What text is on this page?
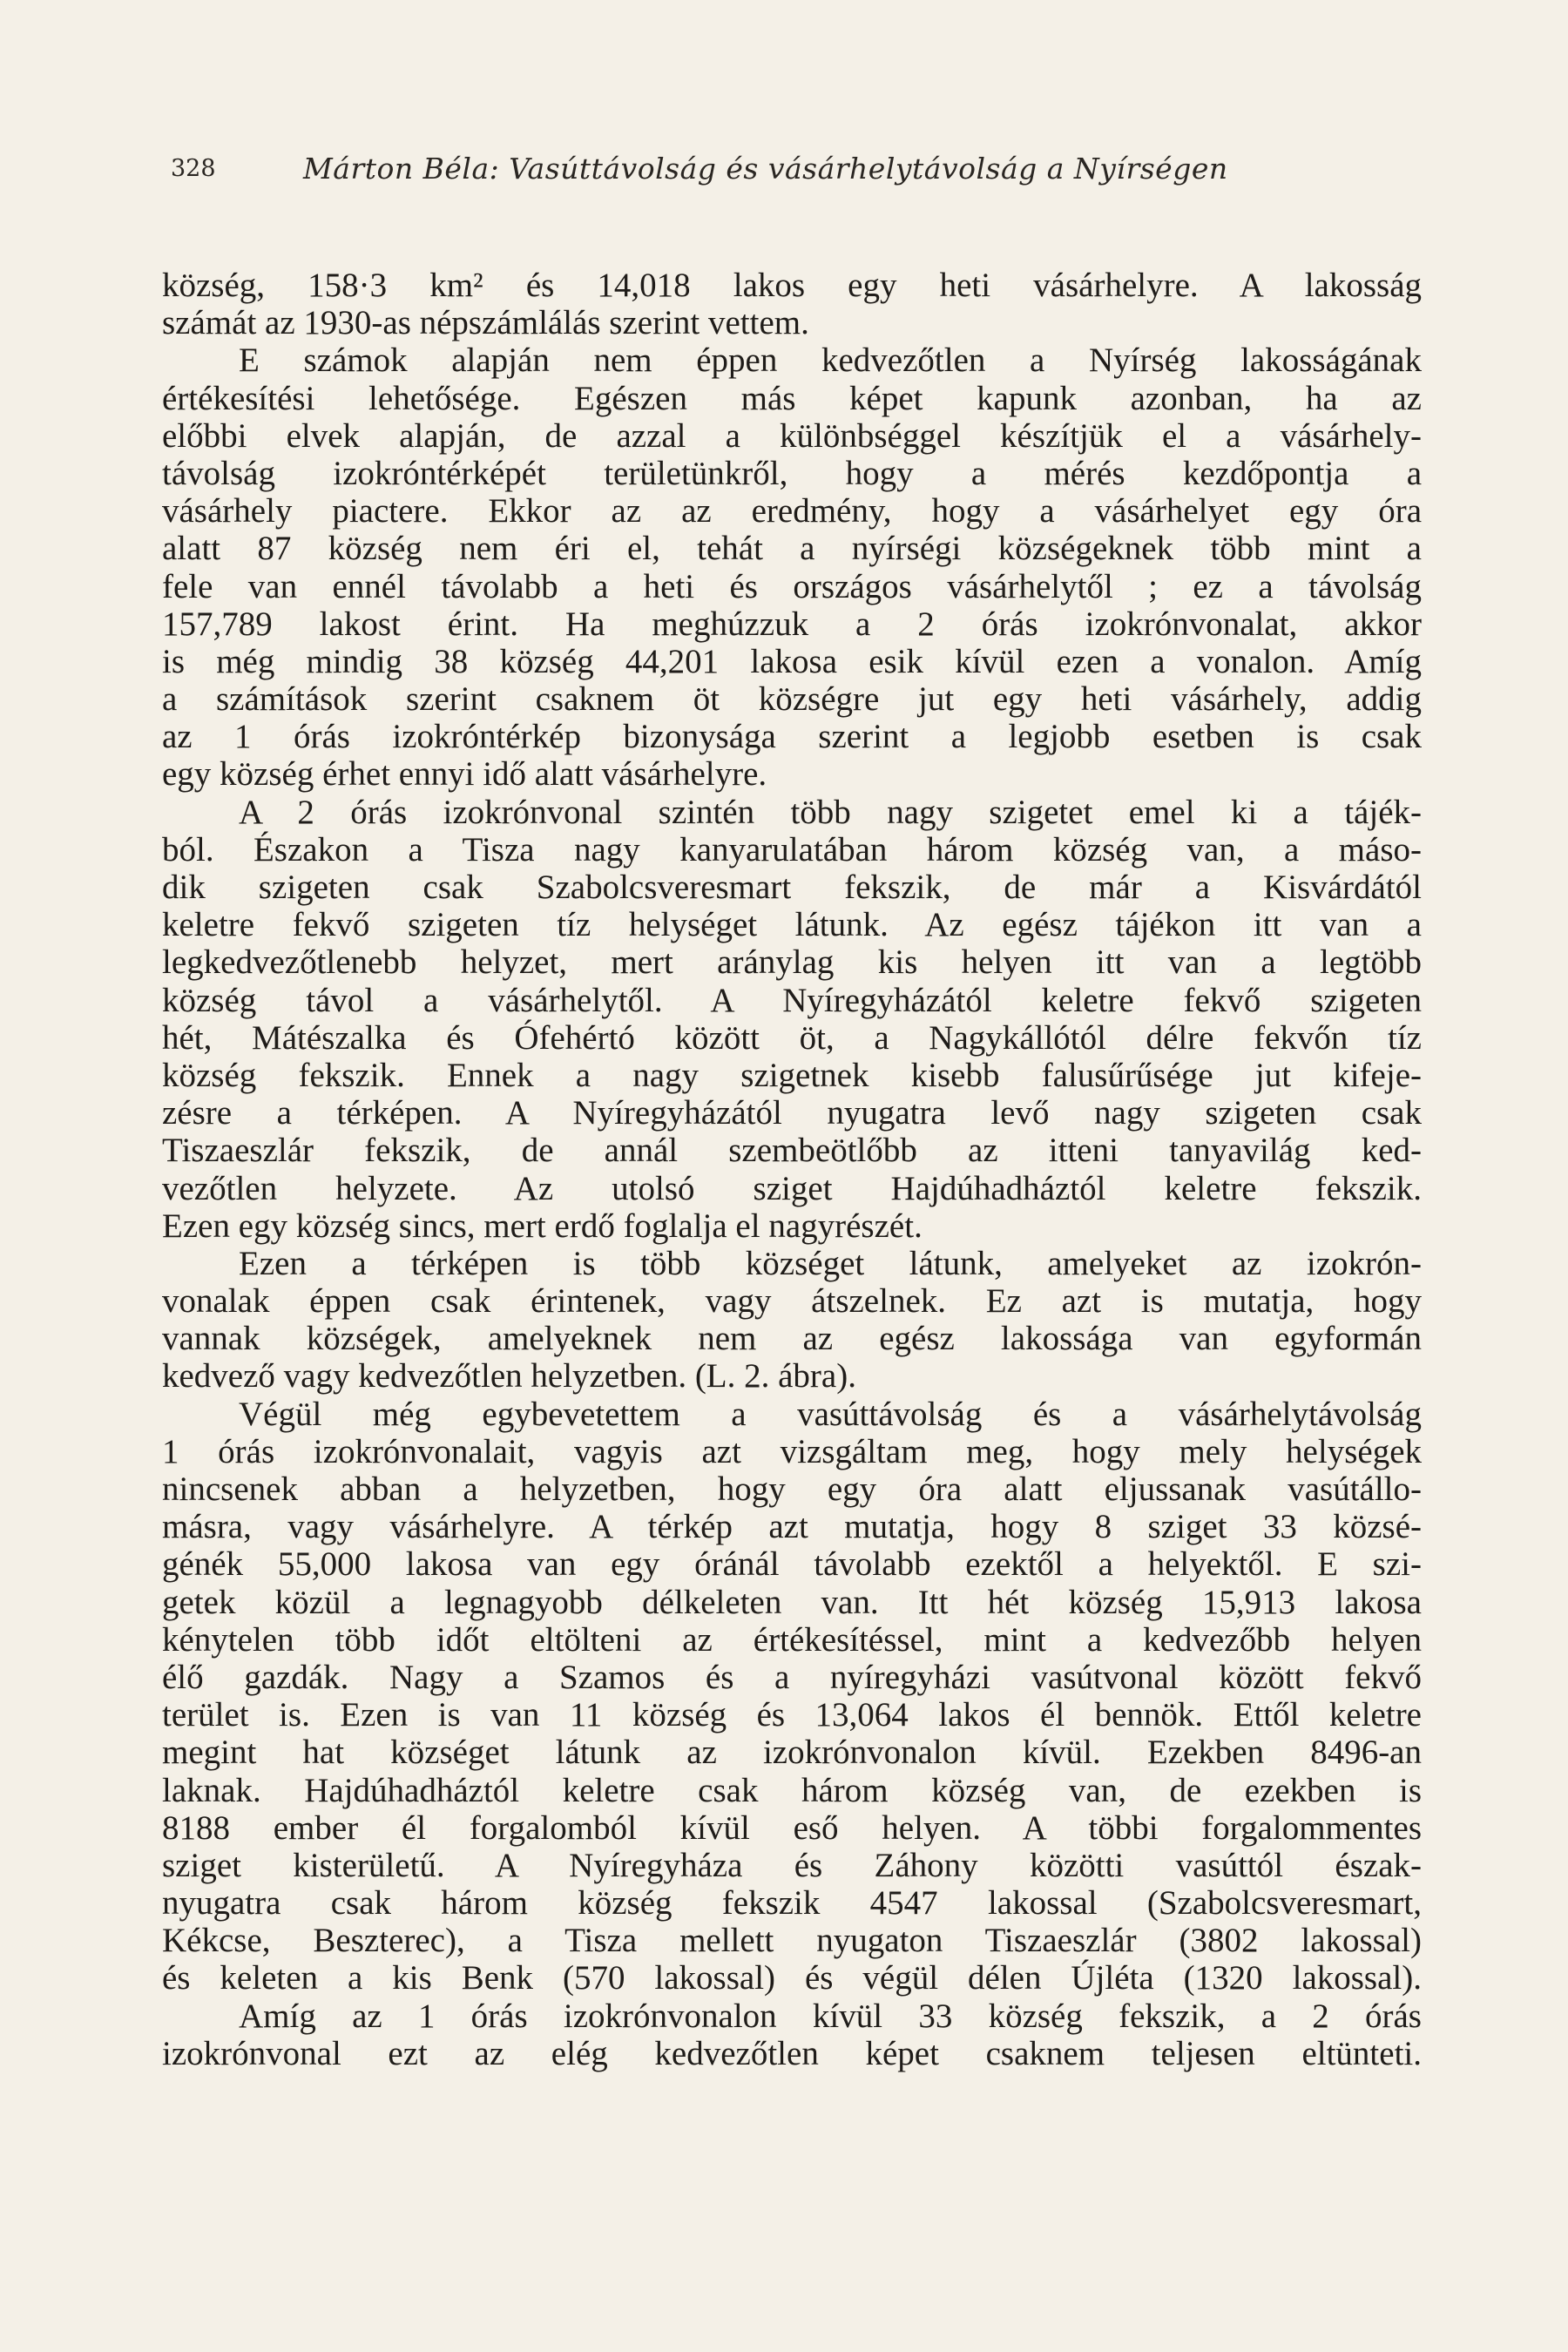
328	Márton Béla: Vasúttávolság és vásárhelytávolság a Nyírségen
község, 158·3 km² és 14,018 lakos egy heti vásárhelyre. A lakosság
számát az 1930-as népszámlálás szerint vettem.
E számok alapján nem éppen kedvezőtlen a Nyírség lakosságának
értékesítési lehetősége. Egészen más képet kapunk azonban, ha az
előbbi elvek alapján, de azzal a különbséggel készítjük el a vásárhely-
távolság izokróntérképét területünkről, hogy a mérés kezdőpontja a
vásárhely piactere. Ekkor az az eredmény, hogy a vásárhelyet egy óra
alatt 87 község nem éri el, tehát a nyírségi községeknek több mint a
fele van ennél távolabb a heti és országos vásárhelytől ; ez a távolság
157,789 lakost érint. Ha meghúzzuk a 2 órás izokrónvonalat, akkor
is még mindig 38 község 44,201 lakosa esik kívül ezen a vonalon. Amíg
a számítások szerint csaknem öt községre jut egy heti vásárhely, addig
az 1 órás izokróntérkép bizonysága szerint a legjobb esetben is csak
egy község érhet ennyi idő alatt vásárhelyre.
A 2 órás izokrónvonal szintén több nagy szigetet emel ki a tájék-
ból. Északon a Tisza nagy kanyarulatában három község van, a máso-
dik szigeten csak Szabolcsveresmart fekszik, de már a Kisvárdától
keletre fekvő szigeten tíz helységet látunk. Az egész tájékon itt van a
legkedvezőtlenebb helyzet, mert aránylag kis helyen itt van a legtöbb
község távol a vásárhelytől. A Nyíregyházától keletre fekvő szigeten
hét, Mátészalka és Ófehértó között öt, a Nagykállótól délre fekvőn tíz
község fekszik. Ennek a nagy szigetnek kisebb falusűrűsége jut kifeje-
zésre a térképen. A Nyíregyházától nyugatra levő nagy szigeten csak
Tiszaeszlár fekszik, de annál szembeötlőbb az itteni tanyavilág ked-
vezőtlen helyzete. Az utolsó sziget Hajdúhadháztól keletre fekszik.
Ezen egy község sincs, mert erdő foglalja el nagyrészét.
Ezen a térképen is több községet látunk, amelyeket az izokrón-
vonalak éppen csak érintenek, vagy átszelnek. Ez azt is mutatja, hogy
vannak községek, amelyeknek nem az egész lakossága van egyformán
kedvező vagy kedvezőtlen helyzetben. (L. 2. ábra).
Végül még egybevetettem a vasúttávolság és a vásárhelytávolság
1 órás izokrónvonalait, vagyis azt vizsgáltam meg, hogy mely helységek
nincsenek abban a helyzetben, hogy egy óra alatt eljussanak vasútállo-
másra, vagy vásárhelyre. A térkép azt mutatja, hogy 8 sziget 33 közsé-
génék 55,000 lakosa van egy óránál távolabb ezektől a helyektől. E szi-
getek közül a legnagyobb délkeleten van. Itt hét község 15,913 lakosa
kénytelen több időt eltölteni az értékesítéssel, mint a kedvezőbb helyen
élő gazdák. Nagy a Szamos és a nyíregyházi vasútvonal között fekvő
terület is. Ezen is van 11 község és 13,064 lakos él bennök. Ettől keletre
megint hat községet látunk az izokrónvonalon kívül. Ezekben 8496-an
laknak. Hajdúhadháztól keletre csak három község van, de ezekben is
8188 ember él forgalomból kívül eső helyen. A többi forgalommentes
sziget kisterületű. A Nyíregyháza és Záhony közötti vasúttól észak-
nyugatra csak három község fekszik 4547 lakossal (Szabolcsveresmart,
Kékcse, Beszterec), a Tisza mellett nyugaton Tiszaeszlár (3802 lakossal)
és keleten a kis Benk (570 lakossal) és végül délen Újléta (1320 lakossal).
Amíg az 1 órás izokrónvonalon kívül 33 község fekszik, a 2 órás
izokrónvonal ezt az elég kedvezőtlen képet csaknem teljesen eltünteti.
